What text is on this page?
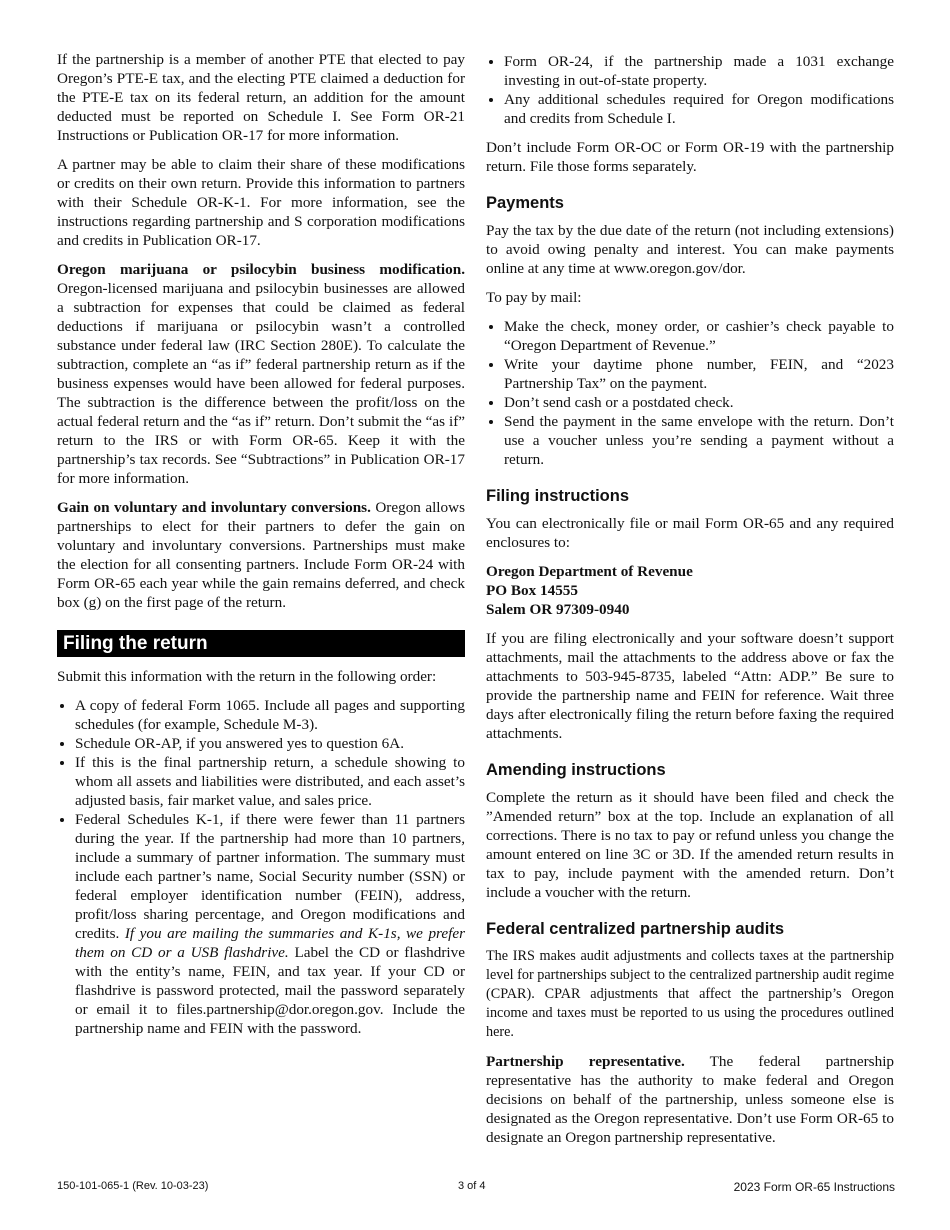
If the partnership is a member of another PTE that elected to pay Oregon’s PTE-E tax, and the electing PTE claimed a deduction for the PTE-E tax on its federal return, an addition for the amount deducted must be reported on Schedule I. See Form OR-21 Instructions or Publication OR-17 for more information.

A partner may be able to claim their share of these modifications or credits on their own return. Provide this information to partners with their Schedule OR-K-1. For more information, see the instructions regarding partnership and S corporation modifications and credits in Publication OR-17.

Oregon marijuana or psilocybin business modification. Oregon-licensed marijuana and psilocybin businesses are allowed a subtraction for expenses that could be claimed as federal deductions if marijuana or psilocybin wasn’t a controlled substance under federal law (IRC Section 280E). To calculate the subtraction, complete an “as if” federal partnership return as if the business expenses would have been allowed for federal purposes. The subtraction is the difference between the profit/loss on the actual federal return and the “as if” return. Don’t submit the “as if” return to the IRS or with Form OR-65. Keep it with the partnership’s tax records. See “Subtractions” in Publication OR-17 for more information.

Gain on voluntary and involuntary conversions. Oregon allows partnerships to elect for their partners to defer the gain on voluntary and involuntary conversions. Partnerships must make the election for all consenting partners. Include Form OR-24 with Form OR-65 each year while the gain remains deferred, and check box (g) on the first page of the return.

Filing the return

Submit this information with the return in the following order:

• A copy of federal Form 1065. Include all pages and supporting schedules (for example, Schedule M-3).
• Schedule OR-AP, if you answered yes to question 6A.
• If this is the final partnership return, a schedule showing to whom all assets and liabilities were distributed, and each asset’s adjusted basis, fair market value, and sales price.
• Federal Schedules K-1, if there were fewer than 11 partners during the year. If the partnership had more than 10 partners, include a summary of partner information. The summary must include each partner’s name, Social Security number (SSN) or federal employer identification number (FEIN), address, profit/loss sharing percentage, and Oregon modifications and credits. If you are mailing the summaries and K-1s, we prefer them on CD or a USB flashdrive. Label the CD or flashdrive with the entity’s name, FEIN, and tax year. If your CD or flashdrive is password protected, mail the password separately or email it to files.partnership@dor.oregon.gov. Include the partnership name and FEIN with the password.
• Form OR-24, if the partnership made a 1031 exchange investing in out-of-state property.
• Any additional schedules required for Oregon modifications and credits from Schedule I.

Don’t include Form OR-OC or Form OR-19 with the partnership return. File those forms separately.

Payments

Pay the tax by the due date of the return (not including extensions) to avoid owing penalty and interest. You can make payments online at any time at www.oregon.gov/dor.

To pay by mail:

• Make the check, money order, or cashier’s check payable to “Oregon Department of Revenue.”
• Write your daytime phone number, FEIN, and “2023 Partnership Tax” on the payment.
• Don’t send cash or a postdated check.
• Send the payment in the same envelope with the return. Don’t use a voucher unless you’re sending a payment without a return.
Filing instructions

You can electronically file or mail Form OR-65 and any required enclosures to:

Oregon Department of Revenue
PO Box 14555
Salem OR 97309-0940

If you are filing electronically and your software doesn’t support attachments, mail the attachments to the address above or fax the attachments to 503-945-8735, labeled “Attn: ADP.” Be sure to provide the partnership name and FEIN for reference. Wait three days after electronically filing the return before faxing the required attachments.

Amending instructions

Complete the return as it should have been filed and check the ”Amended return” box at the top. Include an explanation of all corrections. There is no tax to pay or refund unless you change the amount entered on line 3C or 3D. If the amended return results in tax to pay, include payment with the amended return. Don’t include a voucher with the return.

Federal centralized partnership audits

The IRS makes audit adjustments and collects taxes at the partnership level for partnerships subject to the centralized partnership audit regime (CPAR). CPAR adjustments that affect the partnership’s Oregon income and taxes must be reported to us using the procedures outlined here.

Partnership representative. The federal partnership representative has the authority to make federal and Oregon decisions on behalf of the partnership, unless someone else is designated as the Oregon representative. Don’t use Form OR-65 to designate an Oregon partnership representative.

150-101-065-1 (Rev. 10-03-23)	3 of 4	2023 Form OR-65 Instructions
